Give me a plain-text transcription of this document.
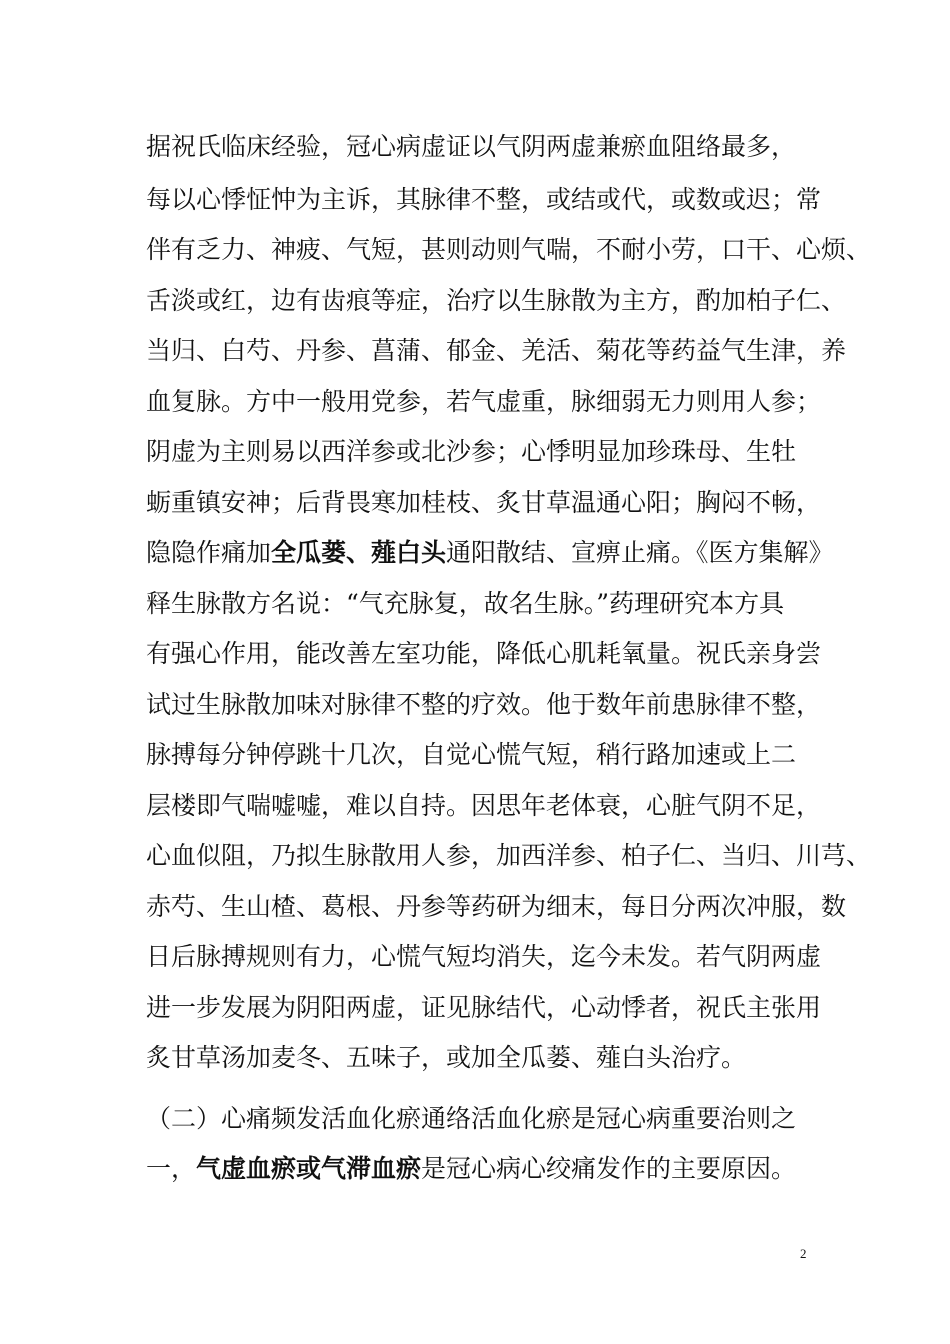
据祝氏临床经验，冠心病虚证以气阴两虚兼瘀血阻络最多，
每以心悸怔忡为主诉，其脉律不整，或结或代，或数或迟；常
伴有乏力、神疲、气短，甚则动则气喘，不耐小劳，口干、心烦、
舌淡或红，边有齿痕等症，治疗以生脉散为主方，酌加柏子仁、
当归、白芍、丹参、菖蒲、郁金、羌活、菊花等药益气生津，养
血复脉。方中一般用党参，若气虚重，脉细弱无力则用人参；
阴虚为主则易以西洋参或北沙参；心悸明显加珍珠母、生牡
蛎重镇安神；后背畏寒加桂枝、炙甘草温通心阳；胸闷不畅，
隐隐作痛加全瓜蒌、薤白头通阳散结、宣痹止痛。《医方集解》
释生脉散方名说：“气充脉复，故名生脉。”药理研究本方具
有强心作用，能改善左室功能，降低心肌耗氧量。祝氏亲身尝
试过生脉散加味对脉律不整的疗效。他于数年前患脉律不整，
脉搏每分钟停跳十几次，自觉心慌气短，稍行路加速或上二
层楼即气喘嘘嘘，难以自持。因思年老体衰，心脏气阴不足，
心血似阻，乃拟生脉散用人参，加西洋参、柏子仁、当归、川芎、
赤芍、生山楂、葛根、丹参等药研为细末，每日分两次冲服，数
日后脉搏规则有力，心慌气短均消失，迄今未发。若气阴两虚
进一步发展为阴阳两虚，证见脉结代，心动悸者，祝氏主张用
炙甘草汤加麦冬、五味子，或加全瓜蒌、薤白头治疗。
（二）心痛频发活血化瘀通络活血化瘀是冠心病重要治则之
一，气虚血瘀或气滞血瘀是冠心病心绞痛发作的主要原因。
2
